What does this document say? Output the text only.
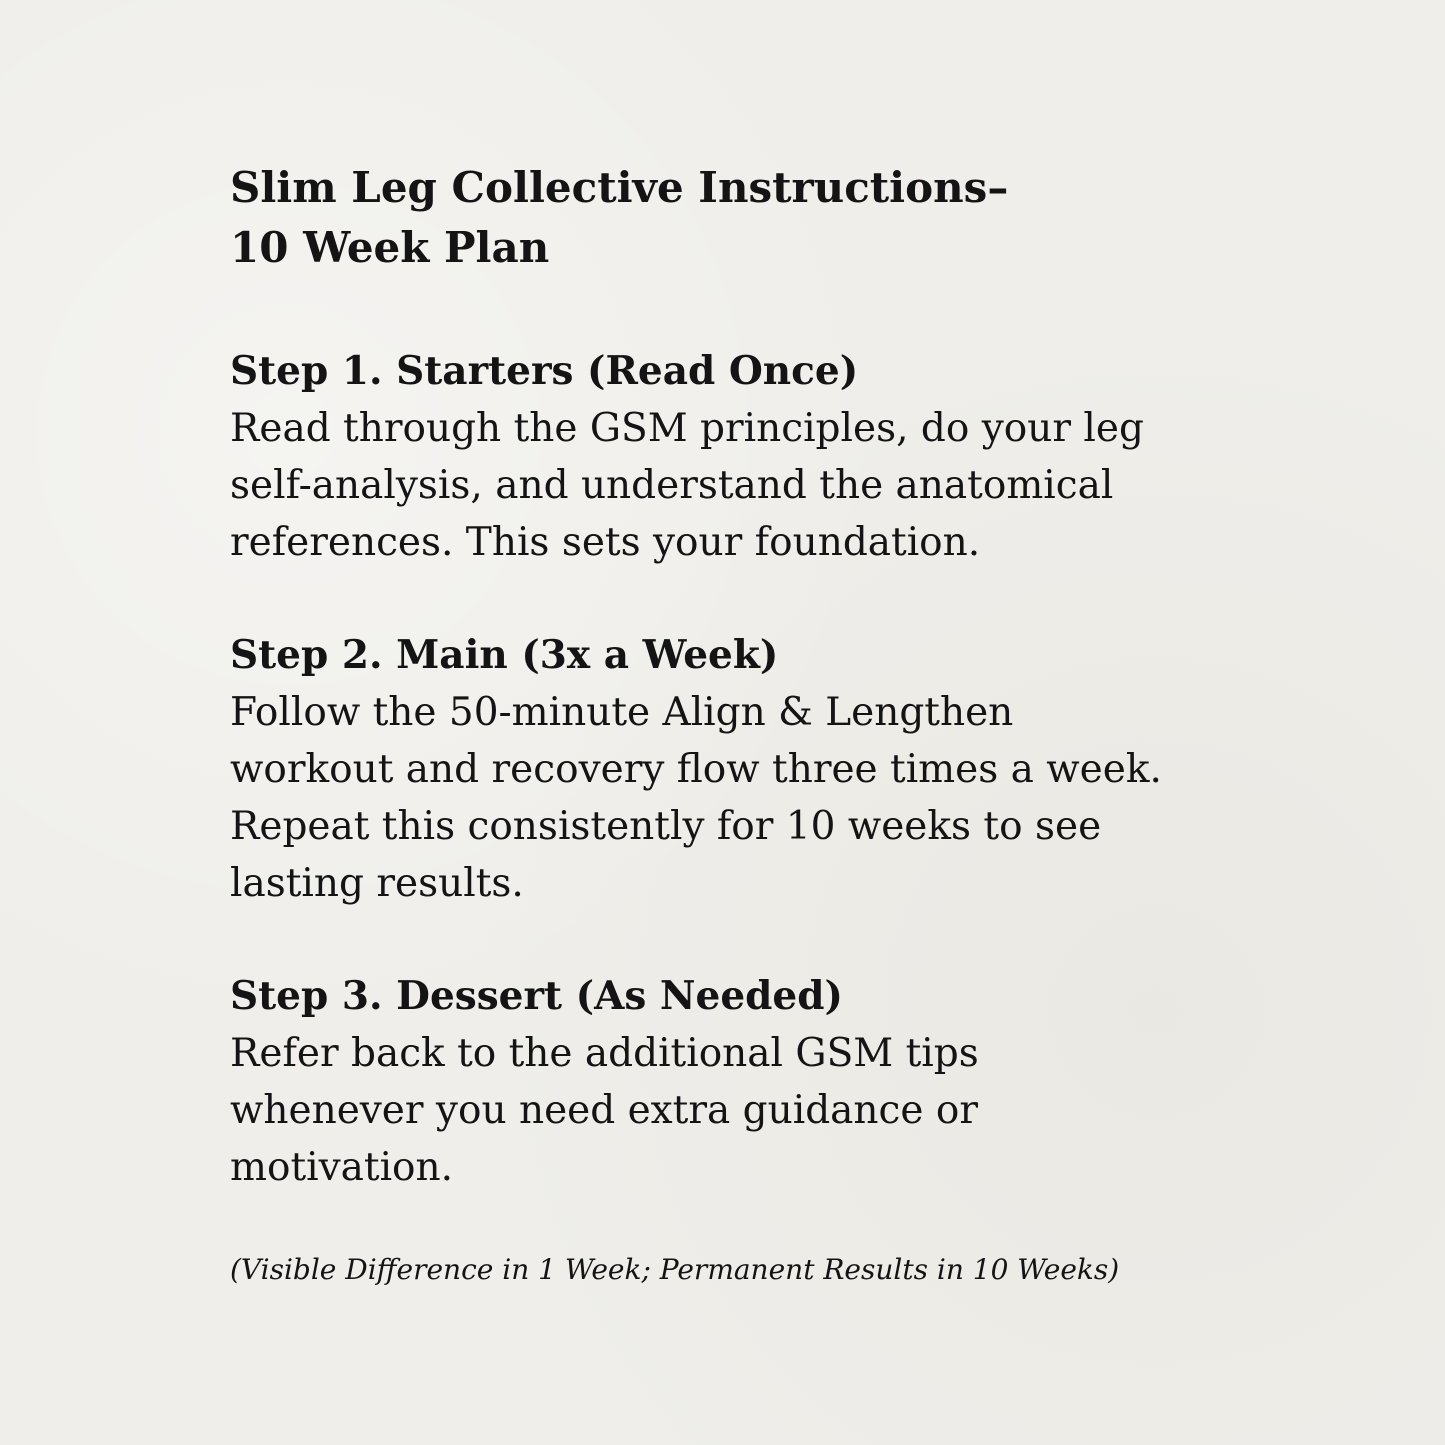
Slim Leg Collective Instructions–
10 Week Plan
Step 1. Starters (Read Once)

Read through the GSM principles, do your leg
self-analysis, and understand the anatomical
references. This sets your foundation.

Step 2. Main (3x a Week)

Follow the 50-minute Align & Lengthen
workout and recovery flow three times a week.
Repeat this consistently for 10 weeks to see
lasting results.

Step 3. Dessert (As Needed)

Refer back to the additional GSM tips
whenever you need extra guidance or
motivation.

(Visible Difference in 1 Week; Permanent Results in 10 Weeks)
